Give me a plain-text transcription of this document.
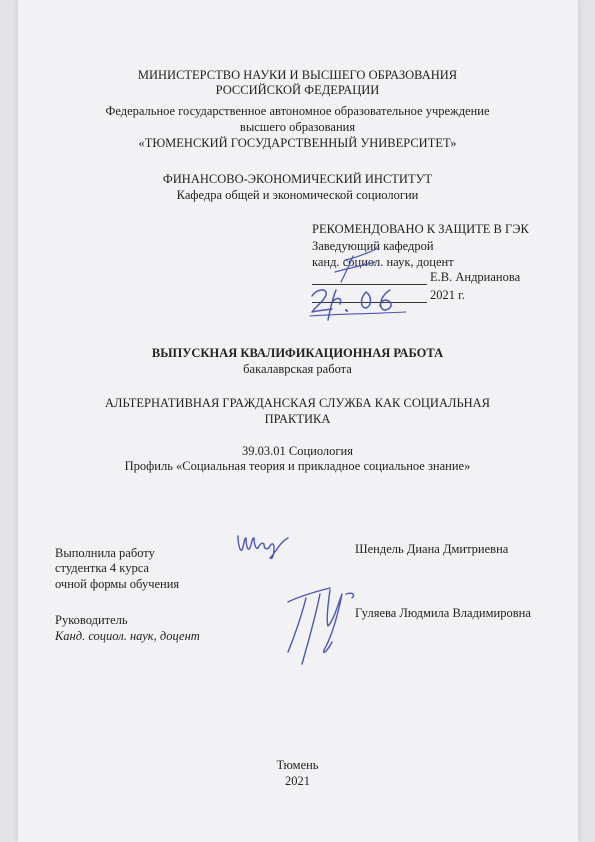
МИНИСТЕРСТВО НАУКИ И ВЫСШЕГО ОБРАЗОВАНИЯ
РОССИЙСКОЙ ФЕДЕРАЦИИ
Федеральное государственное автономное образовательное учреждение
высшего образования
«ТЮМЕНСКИЙ ГОСУДАРСТВЕННЫЙ УНИВЕРСИТЕТ»
ФИНАНСОВО-ЭКОНОМИЧЕСКИЙ ИНСТИТУТ
Кафедра общей и экономической социологии
РЕКОМЕНДОВАНО К ЗАЩИТЕ В ГЭК
Заведующий кафедрой
канд. социол. наук, доцент
Е.В. Андрианова
2021 г.
ВЫПУСКНАЯ КВАЛИФИКАЦИОННАЯ РАБОТА
бакалаврская работа
АЛЬТЕРНАТИВНАЯ ГРАЖДАНСКАЯ СЛУЖБА КАК СОЦИАЛЬНАЯ
ПРАКТИКА
39.03.01 Социология
Профиль «Социальная теория и прикладное социальное знание»
Выполнила работу
студентка 4 курса
очной формы обучения
Шендель Диана Дмитриевна
Руководитель
Канд. социол. наук, доцент
Гуляева Людмила Владимировна
Тюмень
2021
